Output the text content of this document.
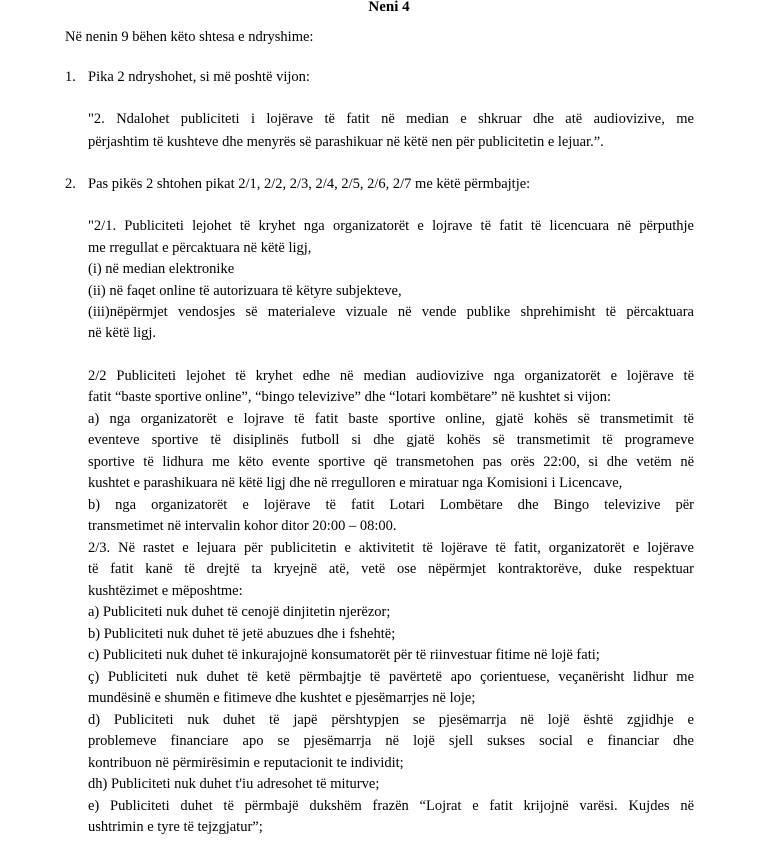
Neni 4
Në nenin 9 bëhen këto shtesa e ndryshime:
1. Pika 2 ndryshohet, si më poshtë vijon:
"2. Ndalohet publiciteti i lojërave të fatit në median e shkruar dhe atë audiovizive, me
përjashtim të kushteve dhe menyrës së parashikuar në këtë nen për publicitetin e lejuar.”.
2. Pas pikës 2 shtohen pikat 2/1, 2/2, 2/3, 2/4, 2/5, 2/6, 2/7 me këtë përmbajtje:
"2/1. Publiciteti lejohet të kryhet nga organizatorët e lojrave të fatit të licencuara në përputhje
me rregullat e përcaktuara në këtë ligj,
(i) në median elektronike
(ii) në faqet online të autorizuara të këtyre subjekteve,
(iii)nëpërmjet vendosjes së materialeve vizuale në vende publike shprehimisht të përcaktuara
në këtë ligj.
2/2 Publiciteti lejohet të kryhet edhe në median audiovizive nga organizatorët e lojërave të
fatit “baste sportive online”, “bingo televizive” dhe “lotari kombëtare” në kushtet si vijon:
a) nga organizatorët e lojrave të fatit baste sportive online, gjatë kohës së transmetimit të
eventeve sportive të disiplinës futboll si dhe gjatë kohës së transmetimit të programeve
sportive të lidhura me këto evente sportive që transmetohen pas orës 22:00, si dhe vetëm në
kushtet e parashikuara në këtë ligj dhe në rregulloren e miratuar nga Komisioni i Licencave,
b) nga organizatorët e lojërave të fatit Lotari Lombëtare dhe Bingo televizive për
transmetimet në intervalin kohor ditor 20:00 – 08:00.
2/3. Në rastet e lejuara për publicitetin e aktivitetit të lojërave të fatit, organizatorët e lojërave
të fatit kanë të drejtë ta kryejnë atë, vetë ose nëpërmjet kontraktorëve, duke respektuar
kushtëzimet e mëposhtme:
a) Publiciteti nuk duhet të cenojë dinjitetin njerëzor;
b) Publiciteti nuk duhet të jetë abuzues dhe i fshehtë;
c) Publiciteti nuk duhet të inkurajojnë konsumatorët për të riinvestuar fitime në lojë fati;
ç) Publiciteti nuk duhet të ketë përmbajtje të pavërtetë apo çorientuese, veçanërisht lidhur me
mundësinë e shumën e fitimeve dhe kushtet e pjesëmarrjes në loje;
d) Publiciteti nuk duhet të japë përshtypjen se pjesëmarrja në lojë është zgjidhje e
problemeve financiare apo se pjesëmarrja në lojë sjell sukses social e financiar dhe
kontribuon në përmirësimin e reputacionit te individit;
dh) Publiciteti nuk duhet t'iu adresohet të miturve;
e) Publiciteti duhet të përmbajë dukshëm frazën “Lojrat e fatit krijojnë varësi. Kujdes në
ushtrimin e tyre të tejzgjatur”;
